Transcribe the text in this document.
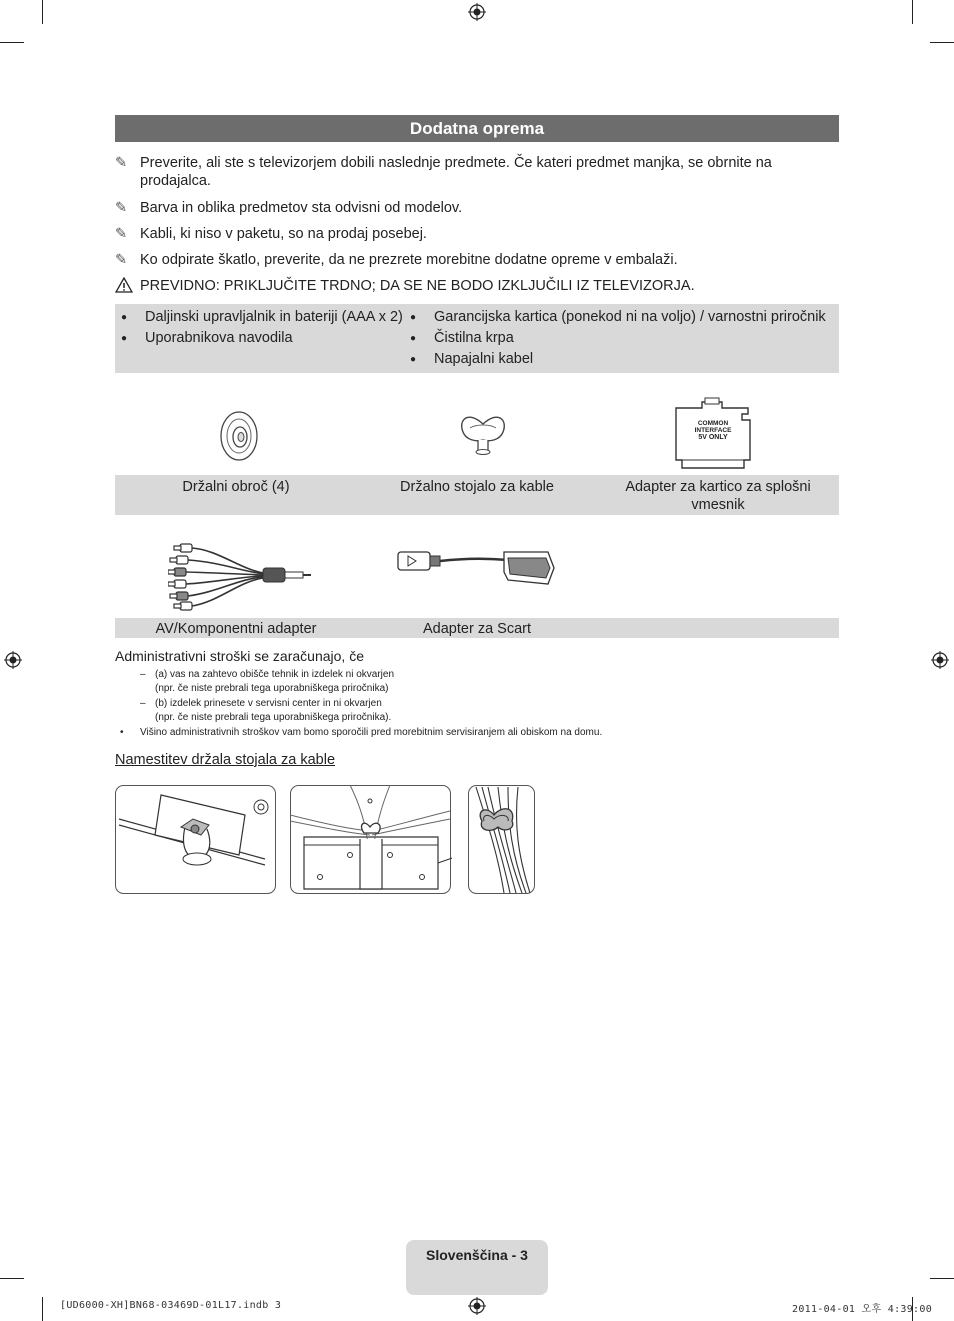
Dodatna oprema
✎ Preverite, ali ste s televizorjem dobili naslednje predmete. Če kateri predmet manjka, se obrnite na prodajalca.
✎ Barva in oblika predmetov sta odvisni od modelov.
✎ Kabli, ki niso v paketu, so na prodaj posebej.
✎ Ko odpirate škatlo, preverite, da ne prezrete morebitne dodatne opreme v embalaži.
PREVIDNO: PRIKLJUČITE TRDNO; DA SE NE BODO IZKLJUČILI IZ TELEVIZORJA.
● Daljinski upravljalnik in bateriji (AAA x 2)
● Uporabnikova navodila
● Garancijska kartica (ponekod ni na voljo) / varnostni priročnik
● Čistilna krpa
● Napajalni kabel
COMMON INTERFACE
5V ONLY
Držalni obroč (4)	Držalno stojalo za kable	Adapter za kartico za splošni vmesnik
AV/Komponentni adapter	Adapter za Scart
Administrativni stroški se zaračunajo, če
– (a) vas na zahtevo obišče tehnik in izdelek ni okvarjen
(npr. če niste prebrali tega uporabniškega priročnika)
– (b) izdelek prinesete v servisni center in ni okvarjen
(npr. če niste prebrali tega uporabniškega priročnika).
•	Višino administrativnih stroškov vam bomo sporočili pred morebitnim servisiranjem ali obiskom na domu.
Namestitev držala stojala za kable
Slovenščina - 3
[UD6000-XH]BN68-03469D-01L17.indb 3	2011-04-01 오후 4:39:00
